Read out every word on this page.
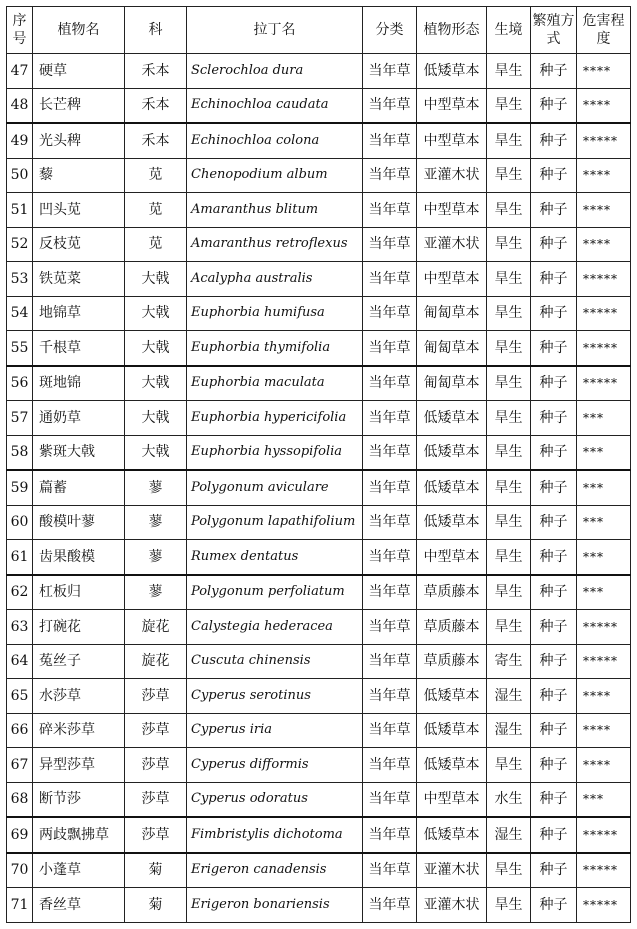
序号	植物名	科	拉丁名	分类	植物形态	生境	繁殖方式	危害程度
47	硬草	禾本	Sclerochloa dura	当年草	低矮草本	旱生	种子	****
48	长芒稗	禾本	Echinochloa caudata	当年草	中型草本	旱生	种子	****
49	光头稗	禾本	Echinochloa colona	当年草	中型草本	旱生	种子	*****
50	藜	苋	Chenopodium album	当年草	亚灌木状	旱生	种子	****
51	凹头苋	苋	Amaranthus blitum	当年草	中型草本	旱生	种子	****
52	反枝苋	苋	Amaranthus retroflexus	当年草	亚灌木状	旱生	种子	****
53	铁苋菜	大戟	Acalypha australis	当年草	中型草本	旱生	种子	*****
54	地锦草	大戟	Euphorbia humifusa	当年草	匍匐草本	旱生	种子	*****
55	千根草	大戟	Euphorbia thymifolia	当年草	匍匐草本	旱生	种子	*****
56	斑地锦	大戟	Euphorbia maculata	当年草	匍匐草本	旱生	种子	*****
57	通奶草	大戟	Euphorbia hypericifolia	当年草	低矮草本	旱生	种子	***
58	紫斑大戟	大戟	Euphorbia hyssopifolia	当年草	低矮草本	旱生	种子	***
59	萹蓄	蓼	Polygonum aviculare	当年草	低矮草本	旱生	种子	***
60	酸模叶蓼	蓼	Polygonum lapathifolium	当年草	低矮草本	旱生	种子	***
61	齿果酸模	蓼	Rumex dentatus	当年草	中型草本	旱生	种子	***
62	杠板归	蓼	Polygonum perfoliatum	当年草	草质藤本	旱生	种子	***
63	打碗花	旋花	Calystegia hederacea	当年草	草质藤本	旱生	种子	*****
64	菟丝子	旋花	Cuscuta chinensis	当年草	草质藤本	寄生	种子	*****
65	水莎草	莎草	Cyperus serotinus	当年草	低矮草本	湿生	种子	****
66	碎米莎草	莎草	Cyperus iria	当年草	低矮草本	湿生	种子	****
67	异型莎草	莎草	Cyperus difformis	当年草	低矮草本	旱生	种子	****
68	断节莎	莎草	Cyperus odoratus	当年草	中型草本	水生	种子	***
69	两歧飘拂草	莎草	Fimbristylis dichotoma	当年草	低矮草本	湿生	种子	*****
70	小蓬草	菊	Erigeron canadensis	当年草	亚灌木状	旱生	种子	*****
71	香丝草	菊	Erigeron bonariensis	当年草	亚灌木状	旱生	种子	*****
